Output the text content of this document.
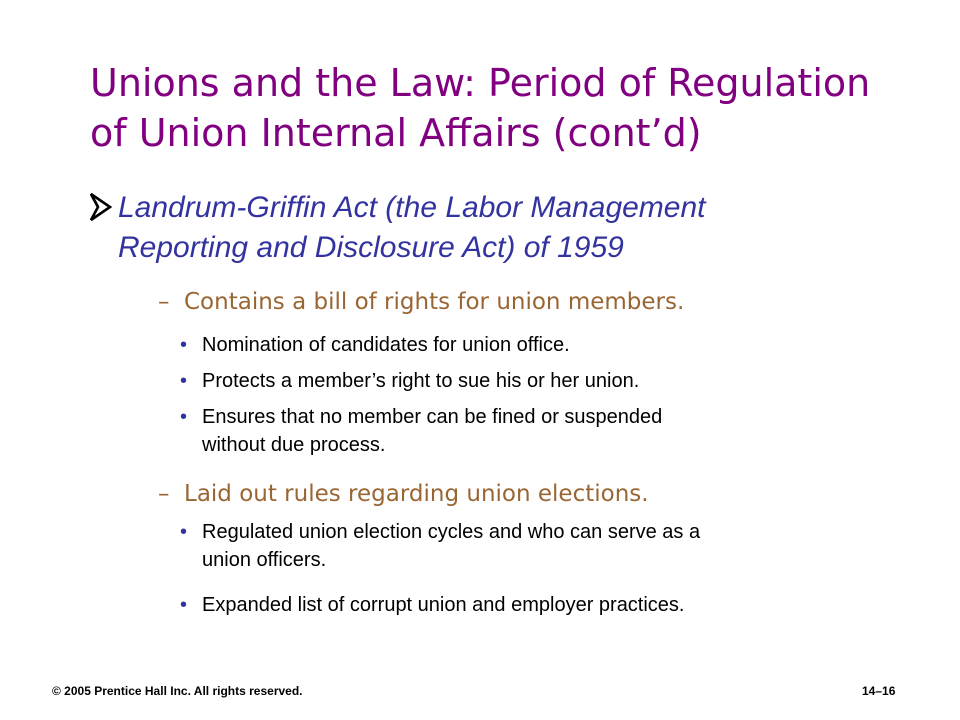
Unions and the Law: Period of Regulation
of Union Internal Affairs (cont’d)
Landrum-Griffin Act (the Labor Management
Reporting and Disclosure Act) of 1959
– Contains a bill of rights for union members.
• Nomination of candidates for union office.
• Protects a member’s right to sue his or her union.
• Ensures that no member can be fined or suspended
without due process.
– Laid out rules regarding union elections.
• Regulated union election cycles and who can serve as a
union officers.
• Expanded list of corrupt union and employer practices.
© 2005 Prentice Hall Inc. All rights reserved.	14–16
